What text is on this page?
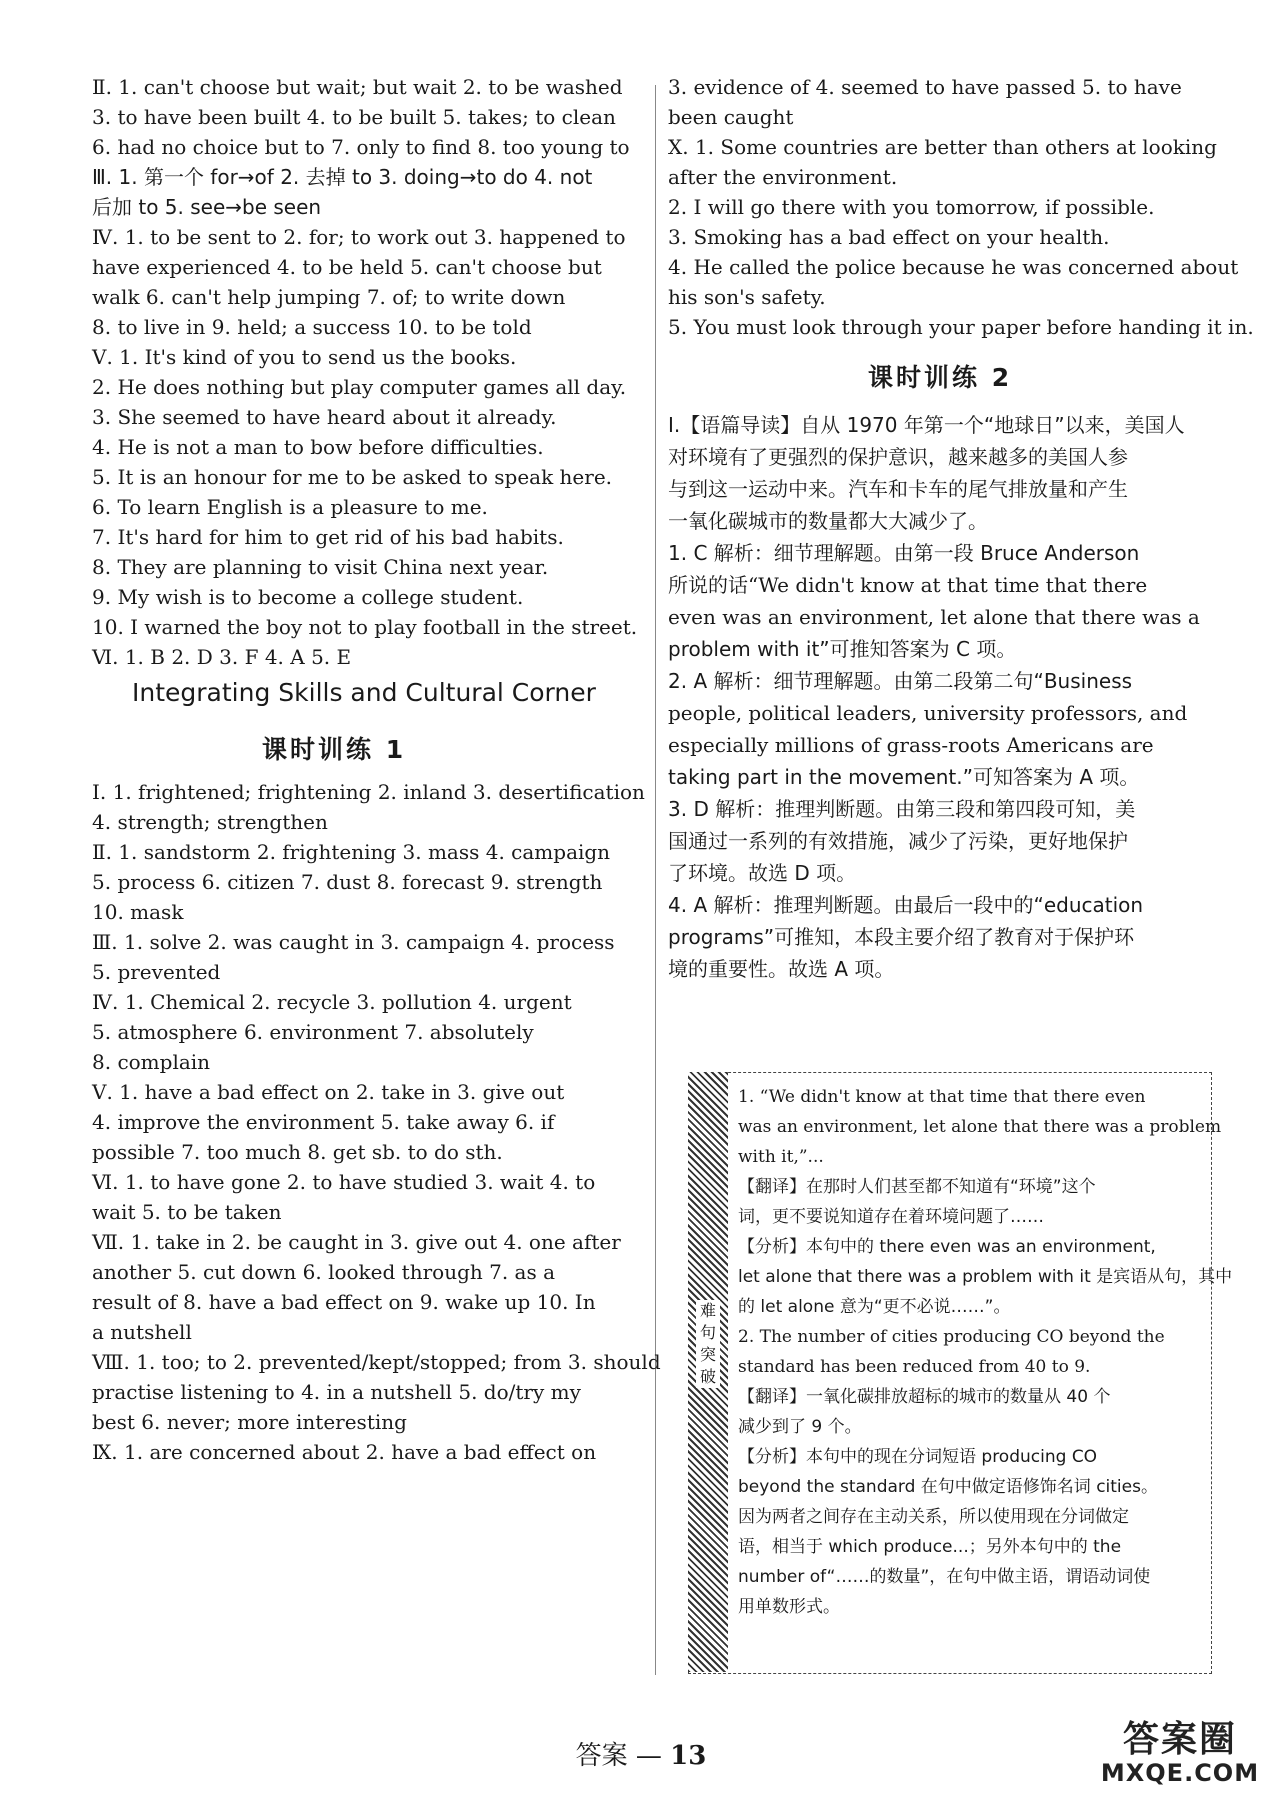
Ⅱ. 1. can't choose but wait; but wait 2. to be washed
3. to have been built 4. to be built 5. takes; to clean
6. had no choice but to 7. only to find 8. too young to
Ⅲ. 1. 第一个 for→of 2. 去掉 to 3. doing→to do 4. not
后加 to 5. see→be seen
Ⅳ. 1. to be sent to 2. for; to work out 3. happened to
have experienced 4. to be held 5. can't choose but
walk 6. can't help jumping 7. of; to write down
8. to live in 9. held; a success 10. to be told
Ⅴ. 1. It's kind of you to send us the books.
2. He does nothing but play computer games all day.
3. She seemed to have heard about it already.
4. He is not a man to bow before difficulties.
5. It is an honour for me to be asked to speak here.
6. To learn English is a pleasure to me.
7. It's hard for him to get rid of his bad habits.
8. They are planning to visit China next year.
9. My wish is to become a college student.
10. I warned the boy not to play football in the street.
Ⅵ. 1. B 2. D 3. F 4. A 5. E
Integrating Skills and Cultural Corner
课时训练 1
Ⅰ. 1. frightened; frightening 2. inland 3. desertification
4. strength; strengthen
Ⅱ. 1. sandstorm 2. frightening 3. mass 4. campaign
5. process 6. citizen 7. dust 8. forecast 9. strength
10. mask
Ⅲ. 1. solve 2. was caught in 3. campaign 4. process
5. prevented
Ⅳ. 1. Chemical 2. recycle 3. pollution 4. urgent
5. atmosphere 6. environment 7. absolutely
8. complain
Ⅴ. 1. have a bad effect on 2. take in 3. give out
4. improve the environment 5. take away 6. if
possible 7. too much 8. get sb. to do sth.
Ⅵ. 1. to have gone 2. to have studied 3. wait 4. to
wait 5. to be taken
Ⅶ. 1. take in 2. be caught in 3. give out 4. one after
another 5. cut down 6. looked through 7. as a
result of 8. have a bad effect on 9. wake up 10. In
a nutshell
Ⅷ. 1. too; to 2. prevented/kept/stopped; from 3. should
practise listening to 4. in a nutshell 5. do/try my
best 6. never; more interesting
Ⅸ. 1. are concerned about 2. have a bad effect on
3. evidence of 4. seemed to have passed 5. to have
been caught
Ⅹ. 1. Some countries are better than others at looking
after the environment.
2. I will go there with you tomorrow, if possible.
3. Smoking has a bad effect on your health.
4. He called the police because he was concerned about
his son's safety.
5. You must look through your paper before handing it in.
课时训练 2
Ⅰ.【语篇导读】自从 1970 年第一个“地球日”以来，美国人
对环境有了更强烈的保护意识，越来越多的美国人参
与到这一运动中来。汽车和卡车的尾气排放量和产生
一氧化碳城市的数量都大大减少了。
1. C 解析：细节理解题。由第一段 Bruce Anderson
所说的话“We didn't know at that time that there
even was an environment, let alone that there was a
problem with it”可推知答案为 C 项。
2. A 解析：细节理解题。由第二段第二句“Business
people, political leaders, university professors, and
especially millions of grass-roots Americans are
taking part in the movement.”可知答案为 A 项。
3. D 解析：推理判断题。由第三段和第四段可知，美
国通过一系列的有效措施，减少了污染，更好地保护
了环境。故选 D 项。
4. A 解析：推理判断题。由最后一段中的“education
programs”可推知，本段主要介绍了教育对于保护环
境的重要性。故选 A 项。
难句突破
1. “We didn't know at that time that there even
was an environment, let alone that there was a problem
with it,”...
【翻译】在那时人们甚至都不知道有“环境”这个
词，更不要说知道存在着环境问题了……
【分析】本句中的 there even was an environment,
let alone that there was a problem with it 是宾语从句，其中
的 let alone 意为“更不必说……”。
2. The number of cities producing CO beyond the
standard has been reduced from 40 to 9.
【翻译】一氧化碳排放超标的城市的数量从 40 个
减少到了 9 个。
【分析】本句中的现在分词短语 producing CO
beyond the standard 在句中做定语修饰名词 cities。
因为两者之间存在主动关系，所以使用现在分词做定
语，相当于 which produce...；另外本句中的 the
number of“……的数量”，在句中做主语，谓语动词使
用单数形式。
答案 — 13	答案圈
MXQE.COM
